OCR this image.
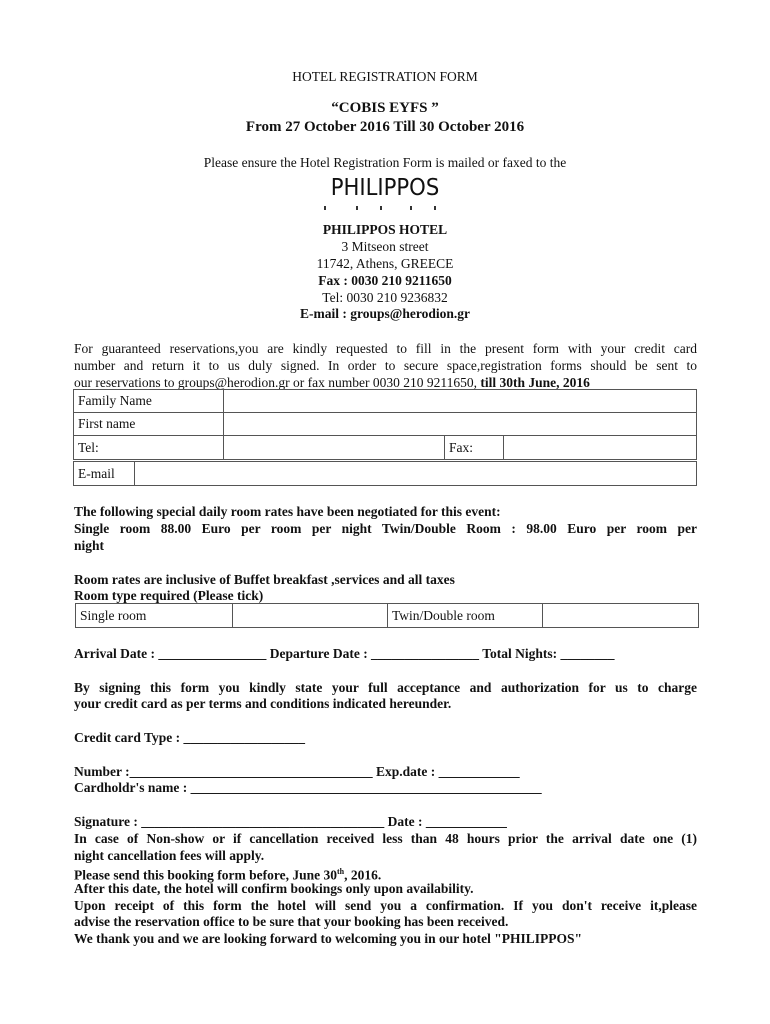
HOTEL REGISTRATION FORM
“COBIS EYFS ”
From 27 October 2016 Till 30 October 2016
Please ensure the Hotel Registration Form is mailed or faxed to the
PHILIPPOS
PHILIPPOS HOTEL
3 Mitseon street
11742, Athens, GREECE
Fax : 0030 210 9211650
Tel: 0030 210 9236832
E-mail : groups@herodion.gr
For guaranteed reservations,you are kindly requested to fill in the present form with your credit card
number and return it to us duly signed. In order to secure space,registration forms should be sent to
our reservations to groups@herodion.gr or fax number 0030 210 9211650, till 30th June, 2016
Family Name			
First name			
Tel:		Fax:	
E-mail	
The following special daily room rates have been negotiated for this event:
Single room 88.00 Euro per room per night Twin/Double Room : 98.00 Euro per room per
night
Room rates are inclusive of Buffet breakfast ,services and all taxes
Room type required (Please tick)
Single room		Twin/Double room	
Arrival Date : ________________ Departure Date : ________________ Total Nights: ________
By signing this form you kindly state your full acceptance and authorization for us to charge
your credit card as per terms and conditions indicated hereunder.
Credit card Type : __________________
Number :____________________________________ Exp.date : ____________
Cardholdr's name : ____________________________________________________
Signature : ____________________________________ Date : ____________
In case of Non-show or if cancellation received less than 48 hours prior the arrival date one (1)
night cancellation fees will apply.
Please send this booking form before, June 30th, 2016.
After this date, the hotel will confirm bookings only upon availability.
Upon receipt of this form the hotel will send you a confirmation. If you don't receive it,please
advise the reservation office to be sure that your booking has been received.
We thank you and we are looking forward to welcoming you in our hotel "PHILIPPOS"
